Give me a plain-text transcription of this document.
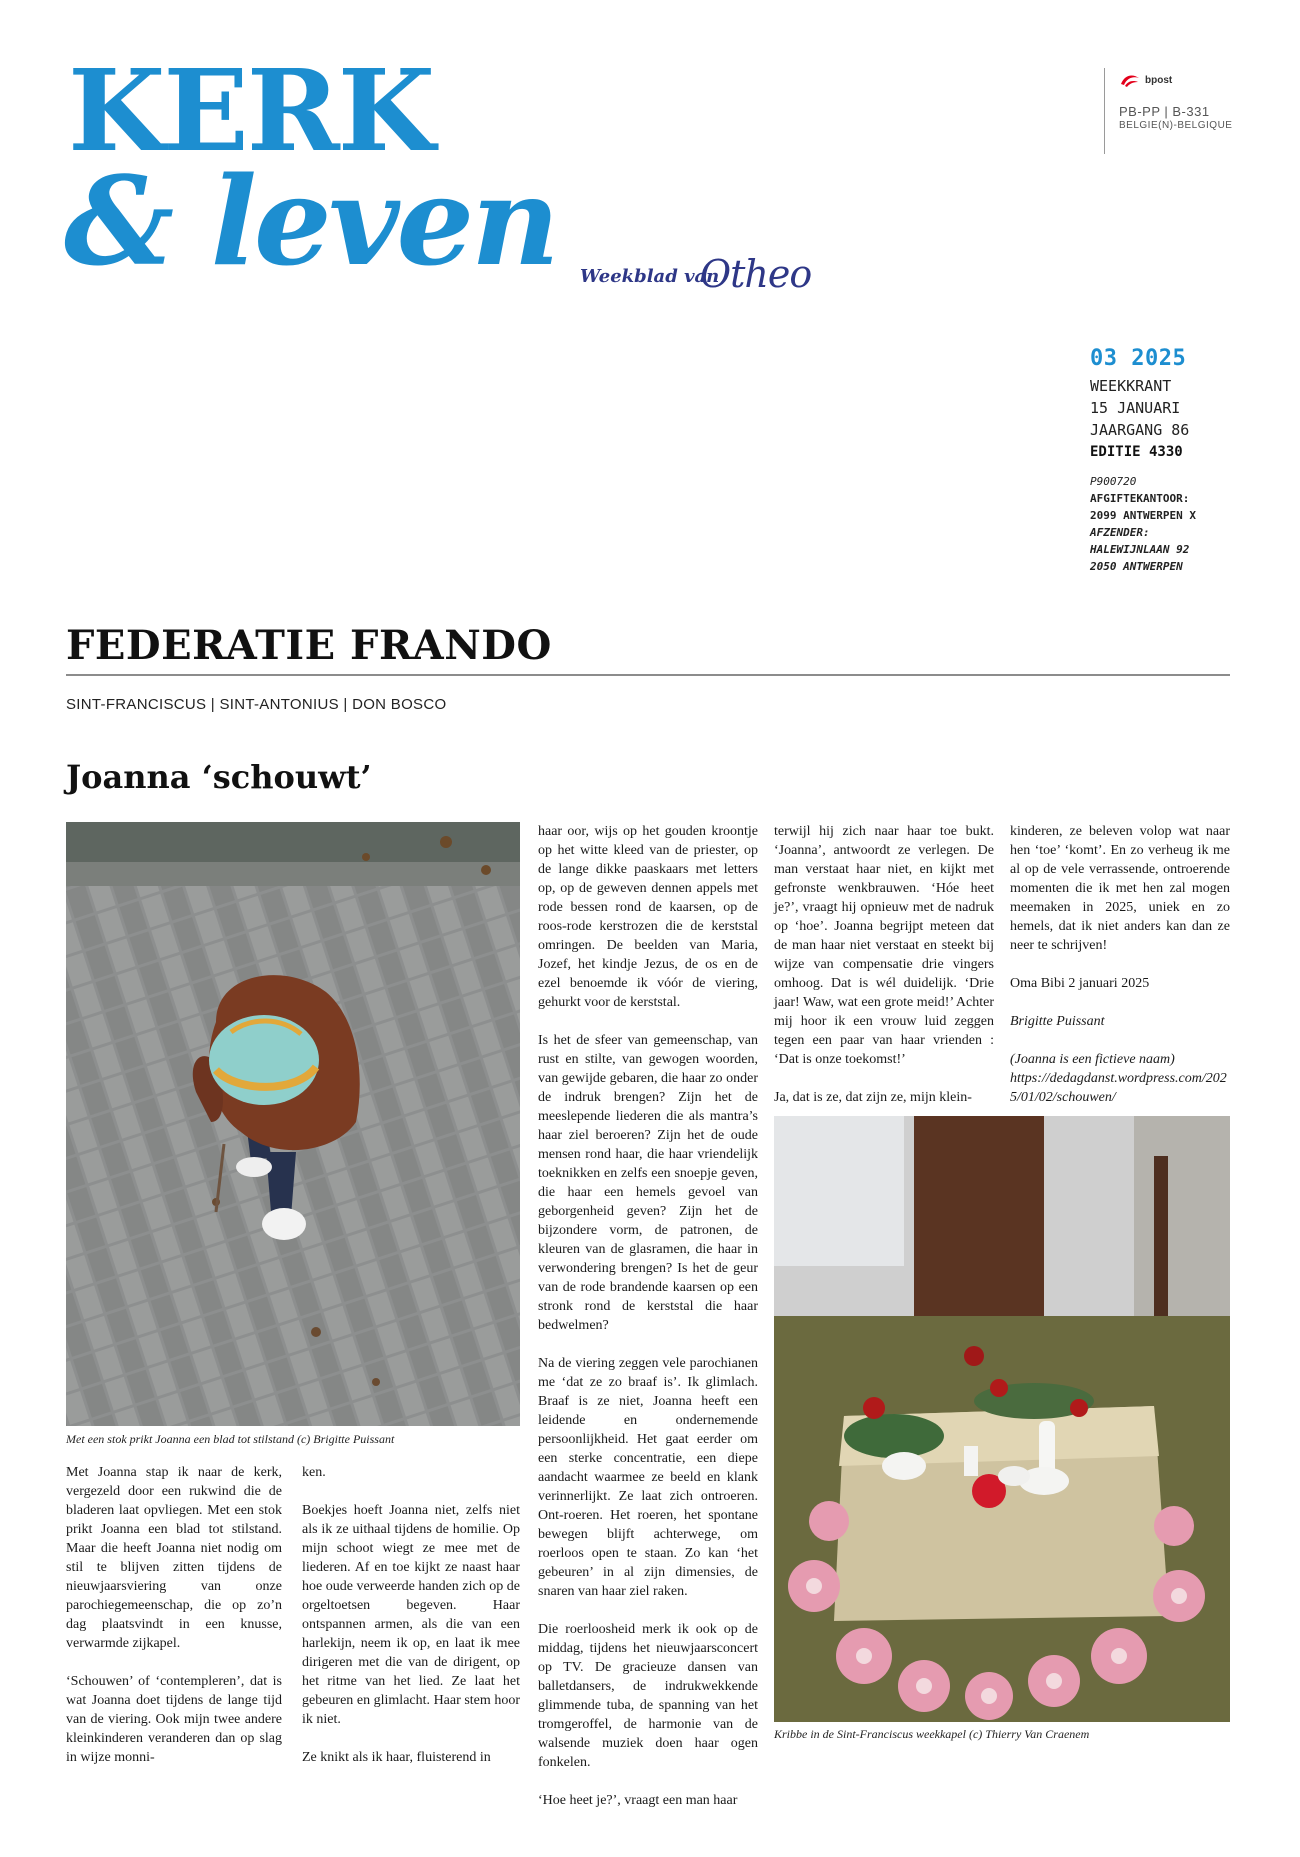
KERK
& leven Weekblad van
Otheo
bpost
PB-PP | B-331
BELGIE(N)-BELGIQUE
03 2025
WEEKKRANT
15 JANUARI
JAARGANG 86
EDITIE 4330
P900720
AFGIFTEKANTOOR:
2099 ANTWERPEN X
AFZENDER:
HALEWIJNLAAN 92
2050 ANTWERPEN
FEDERATIE FRANDO
SINT-FRANCISCUS | SINT-ANTONIUS | DON BOSCO
Joanna ‘schouwt’
Met een stok prikt Joanna een blad tot stilstand (c) Brigitte Puissant
Kribbe in de Sint-Franciscus weekkapel (c) Thierry Van Craenem

Met Joanna stap ik naar de kerk, vergezeld door een rukwind die de bladeren laat opvliegen. Met een stok prikt Joanna een blad tot stilstand. Maar die heeft Joanna niet nodig om stil te blijven zitten tijdens de nieuwjaarsviering van onze parochiegemeenschap, die op zo’n dag plaatsvindt in een knusse, verwarmde zijkapel.

‘Schouwen’ of ‘contempleren’, dat is wat Joanna doet tijdens de lange tijd van de viering. Ook mijn twee andere kleinkinderen veranderen dan op slag in wijze monni-

ken.

Boekjes hoeft Joanna niet, zelfs niet als ik ze uithaal tijdens de homilie. Op mijn schoot wiegt ze mee met de liederen. Af en toe kijkt ze naast haar hoe oude verweerde handen zich op de orgeltoetsen begeven. Haar ontspannen armen, als die van een harlekijn, neem ik op, en laat ik mee dirigeren met die van de dirigent, op het ritme van het lied. Ze laat het gebeuren en glimlacht. Haar stem hoor ik niet.

Ze knikt als ik haar, fluisterend in

haar oor, wijs op het gouden kroontje op het witte kleed van de priester, op de lange dikke paaskaars met letters op, op de geweven dennen appels met rode bessen rond de kaarsen, op de roos-rode kerstrozen die de kerststal omringen. De beelden van Maria, Jozef, het kindje Jezus, de os en de ezel benoemde ik vóór de viering, gehurkt voor de kerststal.

Is het de sfeer van gemeenschap, van rust en stilte, van gewogen woorden, van gewijde gebaren, die haar zo onder de indruk brengen? Zijn het de meeslepende liederen die als mantra’s haar ziel beroeren? Zijn het de oude mensen rond haar, die haar vriendelijk toeknikken en zelfs een snoepje geven, die haar een hemels gevoel van geborgenheid geven? Zijn het de bijzondere vorm, de patronen, de kleuren van de glasramen, die haar in verwondering brengen? Is het de geur van de rode brandende kaarsen op een stronk rond de kerststal die haar bedwelmen?

Na de viering zeggen vele parochianen me ‘dat ze zo braaf is’. Ik glimlach. Braaf is ze niet, Joanna heeft een leidende en ondernemende persoonlijkheid. Het gaat eerder om een sterke concentratie, een diepe aandacht waarmee ze beeld en klank verinnerlijkt. Ze laat zich ontroeren. Ont-roeren. Het roeren, het spontane bewegen blijft achterwege, om roerloos open te staan. Zo kan ‘het gebeuren’ in al zijn dimensies, de snaren van haar ziel raken.

Die roerloosheid merk ik ook op de middag, tijdens het nieuwjaarsconcert op TV. De gracieuze dansen van balletdansers, de indrukwekkende glimmende tuba, de spanning van het tromgeroffel, de harmonie van de walsende muziek doen haar ogen fonkelen.

‘Hoe heet je?’, vraagt een man haar

terwijl hij zich naar haar toe bukt. ‘Joanna’, antwoordt ze verlegen. De man verstaat haar niet, en kijkt met gefronste wenkbrauwen. ‘Hóe heet je?’, vraagt hij opnieuw met de nadruk op ‘hoe’. Joanna begrijpt meteen dat de man haar niet verstaat en steekt bij wijze van compensatie drie vingers omhoog. Dat is wél duidelijk. ‘Drie jaar! Waw, wat een grote meid!’ Achter mij hoor ik een vrouw luid zeggen tegen een paar van haar vrienden : ‘Dat is onze toekomst!’

Ja, dat is ze, dat zijn ze, mijn klein-

kinderen, ze beleven volop wat naar hen ‘toe’ ‘komt’. En zo verheug ik me al op de vele verrassende, ontroerende momenten die ik met hen zal mogen meemaken in 2025, uniek en zo hemels, dat ik niet anders kan dan ze neer te schrijven!

Oma Bibi 2 januari 2025

Brigitte Puissant

(Joanna is een fictieve naam)
https://dedagdanst.wordpress.com/2025/01/02/schouwen/
